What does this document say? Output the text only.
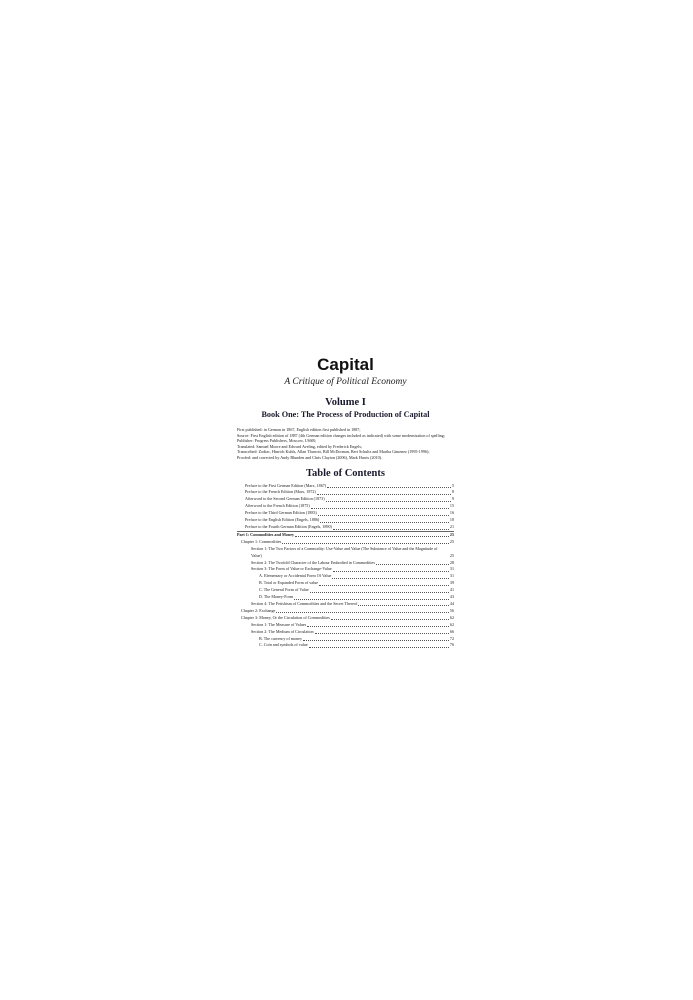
Capital
A Critique of Political Economy
Volume I
Book One: The Process of Production of Capital
First published: in German in 1867, English edition first published in 1887;
Source: First English edition of 1887 (4th German edition changes included as indicated) with some modernisation of spelling;
Publisher: Progress Publishers, Moscow, USSR;
Translated: Samuel Moore and Edward Aveling, edited by Frederick Engels;
Transcribed: Zodiac, Hinrich Kuhls, Allan Thurrott, Bill McDorman, Bert Schultz and Martha Gimenez (1995-1996);
Proofed: and corrected by Andy Blunden and Chris Clayton (2006), Mark Harris (2010).
Table of Contents
Preface to the First German Edition (Marx, 1867)	5
Preface to the French Edition (Marx, 1872)	8
Afterword to the Second German Edition (1873)	9
Afterword to the French Edition (1875)	15
Preface to the Third German Edition (1883)	16
Preface to the English Edition (Engels, 1886)	18
Preface to the Fourth German Edition (Engels, 1890)	21
Part 1: Commodities and Money	25
Chapter 1: Commodities	25
Section 1: The Two Factors of a Commodity: Use-Value and Value (The Substance of Value and the Magnitude of Value)	25
Section 2: The Twofold Character of the Labour Embodied in Commodities	28
Section 3: The Form of Value or Exchange-Value	31
A. Elementary or Accidental Form Of Value	31
B. Total or Expanded Form of value	39
C. The General Form of Value	41
D. The Money-Form	43
Section 4: The Fetishism of Commodities and the Secret Thereof	44
Chapter 2: Exchange	56
Chapter 3: Money, Or the Circulation of Commodities	62
Section 1: The Measure of Values	62
Section 2: The Medium of Circulation	66
B. The currency of money	72
C. Coin and symbols of value	76
